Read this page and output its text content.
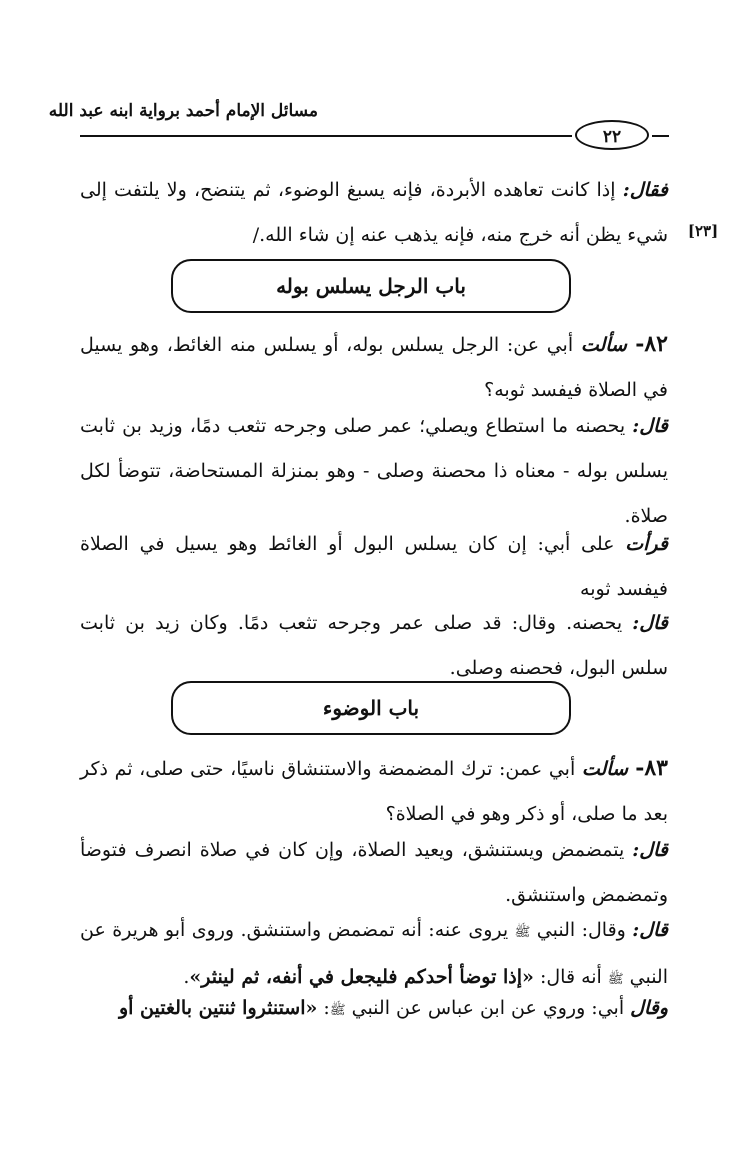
مسائل الإمام أحمد برواية ابنه عبد الله
٢٢
[٢٣]
فقال: إذا كانت تعاهده الأبردة، فإنه يسبغ الوضوء، ثم يتنضح، ولا يلتفت إلى شيء يظن أنه خرج منه، فإنه يذهب عنه إن شاء الله./
باب الرجل يسلس بوله
٨٢- سألت أبي عن: الرجل يسلس بوله، أو يسلس منه الغائط، وهو يسيل في الصلاة فيفسد ثوبه؟
قال: يحصنه ما استطاع ويصلي؛ عمر صلى وجرحه تثعب دمًا، وزيد بن ثابت يسلس بوله - معناه ذا محصنة وصلى - وهو بمنزلة المستحاضة، تتوضأ لكل صلاة.
قرأت على أبي: إن كان يسلس البول أو الغائط وهو يسيل في الصلاة فيفسد ثوبه
قال: يحصنه. وقال: قد صلى عمر وجرحه تثعب دمًا. وكان زيد بن ثابت سلس البول، فحصنه وصلى.
باب الوضوء
٨٣- سألت أبي عمن: ترك المضمضة والاستنشاق ناسيًا، حتى صلى، ثم ذكر بعد ما صلى، أو ذكر وهو في الصلاة؟
قال: يتمضمض ويستنشق، ويعيد الصلاة، وإن كان في صلاة انصرف فتوضأ وتمضمض واستنشق.
قال: وقال: النبي ﷺ يروى عنه: أنه تمضمض واستنشق. وروى أبو هريرة عن النبي ﷺ أنه قال: «إذا توضأ أحدكم فليجعل في أنفه، ثم لينثر».
وقال أبي: وروي عن ابن عباس عن النبي ﷺ: «استنثروا ثنتين بالغتين أو
